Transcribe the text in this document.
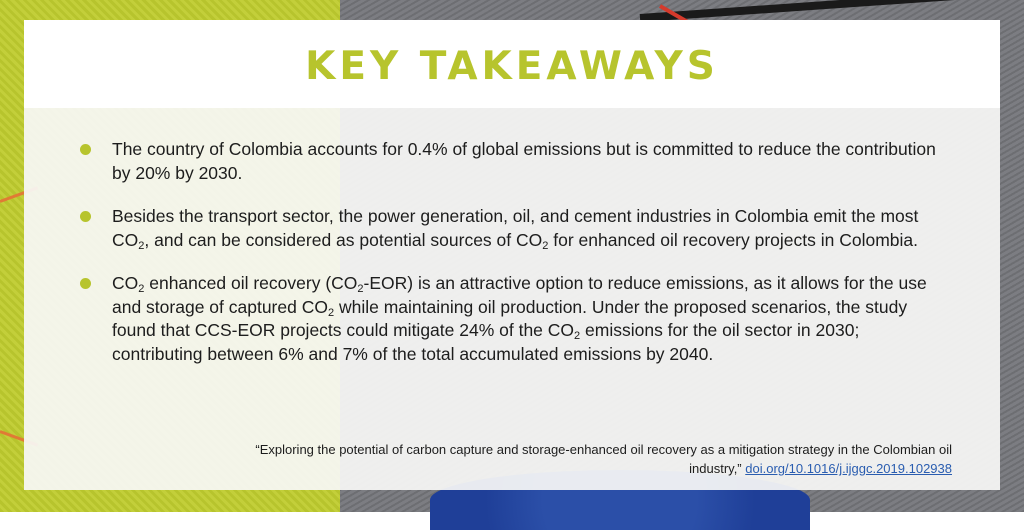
KEY TAKEAWAYS

The country of Colombia accounts for 0.4% of global emissions but is committed to reduce the contribution by 20% by 2030.

Besides the transport sector, the power generation, oil, and cement industries in Colombia emit the most $CO_2$, and can be considered as potential sources of $CO_2$ for enhanced oil recovery projects in Colombia.

$CO_2$ enhanced oil recovery $(CO_2-EOR)$ is an attractive option to reduce emissions, as it allows for the use and storage of captured $CO_2$ while maintaining oil production. Under the proposed scenarios, the study found that CCS-EOR projects could mitigate 24% of the $CO_2$ emissions for the oil sector in 2030; contributing between 6% and 7% of the total accumulated emissions by 2040.

“Exploring the potential of carbon capture and storage-enhanced oil recovery as a mitigation strategy in the Colombian oil industry,” doi.org/10.1016/j.ijggc.2019.102938
